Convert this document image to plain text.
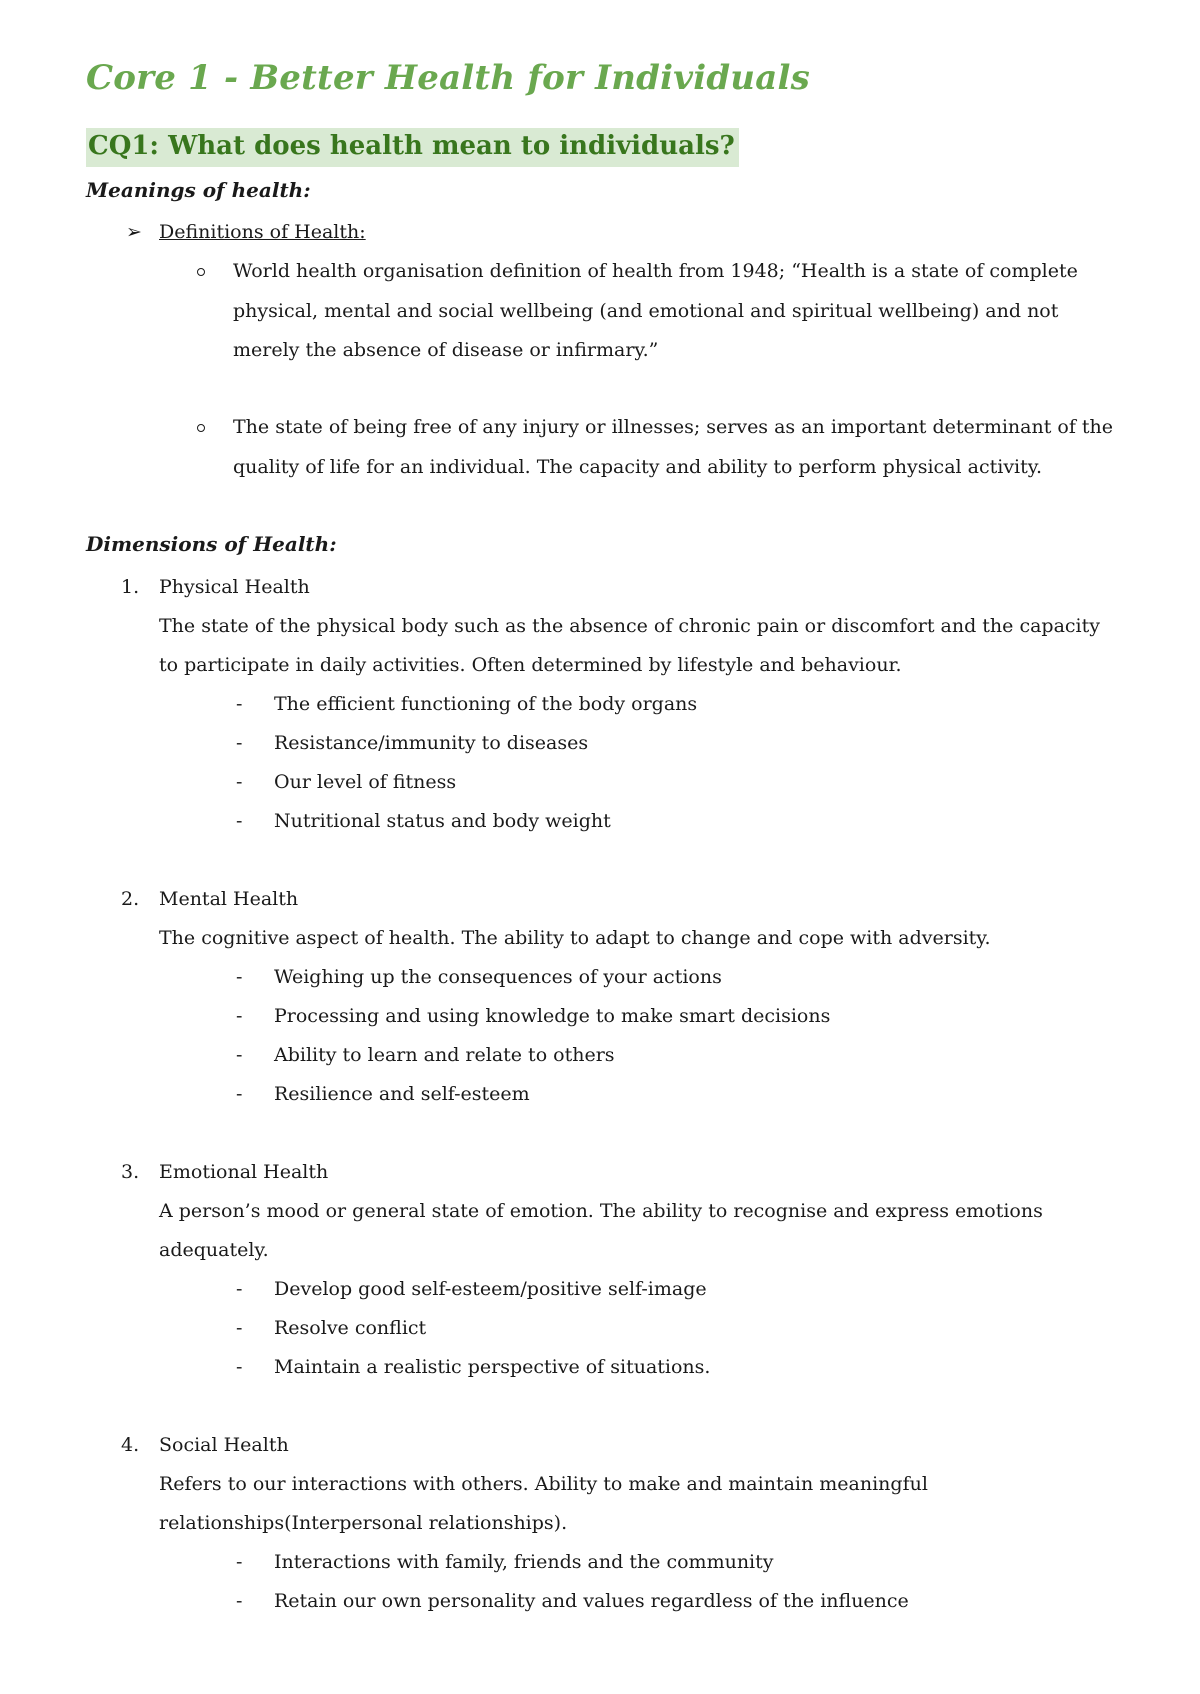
Core 1 - Better Health for Individuals
CQ1: What does health mean to individuals?
Meanings of health:
➢ Definitions of Health:
World health organisation definition of health from 1948; “Health is a state of complete
physical, mental and social wellbeing (and emotional and spiritual wellbeing) and not
merely the absence of disease or infirmary.”
The state of being free of any injury or illnesses; serves as an important determinant of the
quality of life for an individual. The capacity and ability to perform physical activity.
Dimensions of Health:
1. Physical Health
The state of the physical body such as the absence of chronic pain or discomfort and the capacity
to participate in daily activities. Often determined by lifestyle and behaviour.
- The efficient functioning of the body organs
- Resistance/immunity to diseases
- Our level of fitness
- Nutritional status and body weight
2. Mental Health
The cognitive aspect of health. The ability to adapt to change and cope with adversity.
- Weighing up the consequences of your actions
- Processing and using knowledge to make smart decisions
- Ability to learn and relate to others
- Resilience and self-esteem
3. Emotional Health
A person’s mood or general state of emotion. The ability to recognise and express emotions
adequately.
- Develop good self-esteem/positive self-image
- Resolve conflict
- Maintain a realistic perspective of situations.
4. Social Health
Refers to our interactions with others. Ability to make and maintain meaningful
relationships(Interpersonal relationships).
- Interactions with family, friends and the community
- Retain our own personality and values regardless of the influence
